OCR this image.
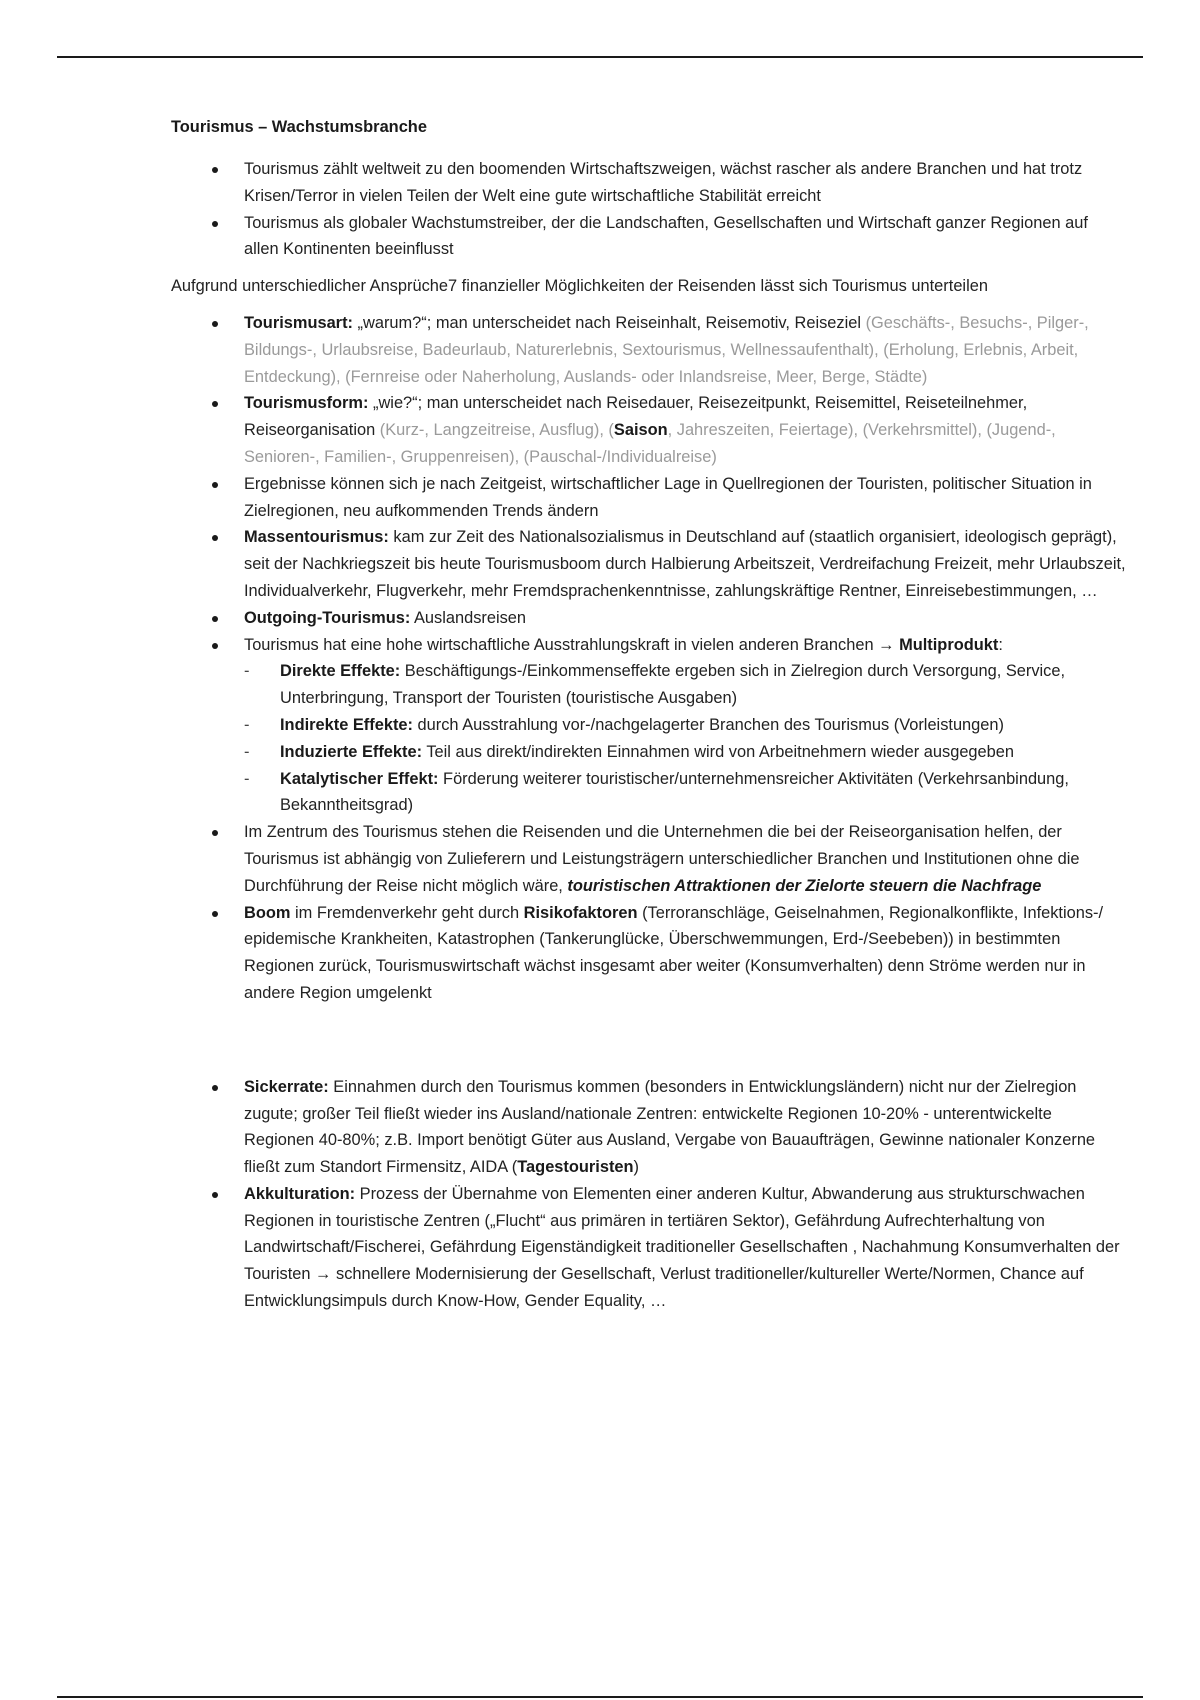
Tourismus – Wachstumsbranche
Tourismus zählt weltweit zu den boomenden Wirtschaftszweigen, wächst rascher als andere Branchen und hat trotz Krisen/Terror in vielen Teilen der Welt eine gute wirtschaftliche Stabilität erreicht
Tourismus als globaler Wachstumstreiber, der die Landschaften, Gesellschaften und Wirtschaft ganzer Regionen auf allen Kontinenten beeinflusst

Aufgrund unterschiedlicher Ansprüche7 finanzieller Möglichkeiten der Reisenden lässt sich Tourismus unterteilen

Tourismusart: „warum?“; man unterscheidet nach Reiseinhalt, Reisemotiv, Reiseziel (Geschäfts-, Besuchs-, Pilger-, Bildungs-, Urlaubsreise, Badeurlaub, Naturerlebnis, Sextourismus, Wellnessaufenthalt), (Erholung, Erlebnis, Arbeit, Entdeckung), (Fernreise oder Naherholung, Auslands- oder Inlandsreise, Meer, Berge, Städte)
Tourismusform: „wie?“; man unterscheidet nach Reisedauer, Reisezeitpunkt, Reisemittel, Reiseteilnehmer, Reiseorganisation (Kurz-, Langzeitreise, Ausflug), (Saison, Jahreszeiten, Feiertage), (Verkehrsmittel), (Jugend-, Senioren-, Familien-, Gruppenreisen), (Pauschal-/Individualreise)
Ergebnisse können sich je nach Zeitgeist, wirtschaftlicher Lage in Quellregionen der Touristen, politischer Situation in Zielregionen, neu aufkommenden Trends ändern
Massentourismus: kam zur Zeit des Nationalsozialismus in Deutschland auf (staatlich organisiert, ideologisch geprägt), seit der Nachkriegszeit bis heute Tourismusboom durch Halbierung Arbeitszeit, Verdreifachung Freizeit, mehr Urlaubszeit, Individualverkehr, Flugverkehr, mehr Fremdsprachenkenntnisse, zahlungskräftige Rentner, Einreisebestimmungen, …
Outgoing-Tourismus: Auslandsreisen
Tourismus hat eine hohe wirtschaftliche Ausstrahlungskraft in vielen anderen Branchen → Multiprodukt:
- Direkte Effekte: Beschäftigungs-/Einkommenseffekte ergeben sich in Zielregion durch Versorgung, Service, Unterbringung, Transport der Touristen (touristische Ausgaben)
- Indirekte Effekte: durch Ausstrahlung vor-/nachgelagerter Branchen des Tourismus (Vorleistungen)
- Induzierte Effekte: Teil aus direkt/indirekten Einnahmen wird von Arbeitnehmern wieder ausgegeben
- Katalytischer Effekt: Förderung weiterer touristischer/unternehmensreicher Aktivitäten (Verkehrsanbindung, Bekanntheitsgrad)
Im Zentrum des Tourismus stehen die Reisenden und die Unternehmen die bei der Reiseorganisation helfen, der Tourismus ist abhängig von Zulieferern und Leistungsträgern unterschiedlicher Branchen und Institutionen ohne die Durchführung der Reise nicht möglich wäre, touristischen Attraktionen der Zielorte steuern die Nachfrage
Boom im Fremdenverkehr geht durch Risikofaktoren (Terroranschläge, Geiselnahmen, Regionalkonflikte, Infektions-/ epidemische Krankheiten, Katastrophen (Tankerunglücke, Überschwemmungen, Erd-/Seebeben)) in bestimmten Regionen zurück, Tourismuswirtschaft wächst insgesamt aber weiter (Konsumverhalten) denn Ströme werden nur in andere Region umgelenkt
Sickerrate: Einnahmen durch den Tourismus kommen (besonders in Entwicklungsländern) nicht nur der Zielregion zugute; großer Teil fließt wieder ins Ausland/nationale Zentren: entwickelte Regionen 10-20% - unterentwickelte Regionen 40-80%; z.B. Import benötigt Güter aus Ausland, Vergabe von Bauaufträgen, Gewinne nationaler Konzerne fließt zum Standort Firmensitz, AIDA (Tagestouristen)
Akkulturation: Prozess der Übernahme von Elementen einer anderen Kultur, Abwanderung aus strukturschwachen Regionen in touristische Zentren („Flucht“ aus primären in tertiären Sektor), Gefährdung Aufrechterhaltung von Landwirtschaft/Fischerei, Gefährdung Eigenständigkeit traditioneller Gesellschaften , Nachahmung Konsumverhalten der Touristen → schnellere Modernisierung der Gesellschaft, Verlust traditioneller/kultureller Werte/Normen, Chance auf Entwicklungsimpuls durch Know-How, Gender Equality, …
